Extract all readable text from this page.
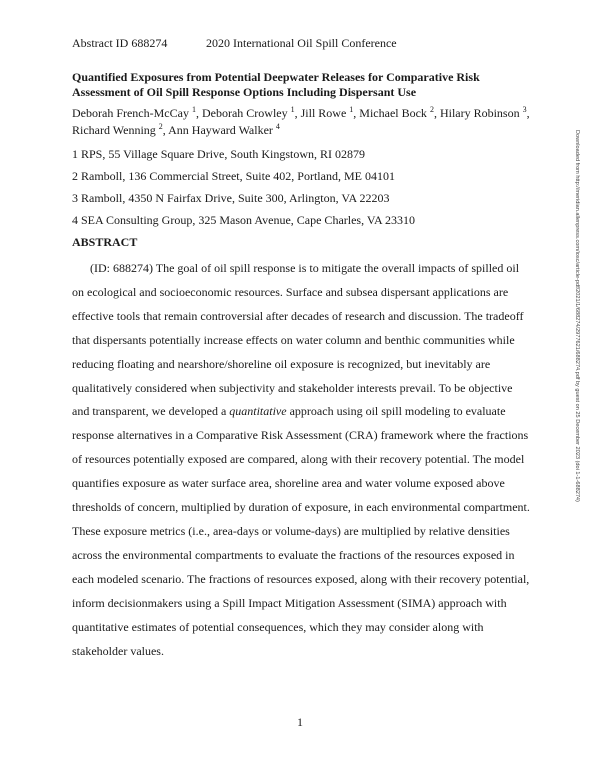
Abstract ID 688274	2020 International Oil Spill Conference
Quantified Exposures from Potential Deepwater Releases for Comparative Risk Assessment of Oil Spill Response Options Including Dispersant Use
Deborah French-McCay $^1$, Deborah Crowley $^1$, Jill Rowe $^1$, Michael Bock $^2$, Hilary Robinson $^3$, Richard Wenning $^2$, Ann Hayward Walker $^4$
1 RPS, 55 Village Square Drive, South Kingstown, RI 02879
2 Ramboll, 136 Commercial Street, Suite 402, Portland, ME 04101
3 Ramboll, 4350 N Fairfax Drive, Suite 300, Arlington, VA 22203
4 SEA Consulting Group, 325 Mason Avenue, Cape Charles, VA 23310
ABSTRACT

(ID: 688274) The goal of oil spill response is to mitigate the overall impacts of spilled oil on ecological and socioeconomic resources. Surface and subsea dispersant applications are effective tools that remain controversial after decades of research and discussion. The tradeoff that dispersants potentially increase effects on water column and benthic communities while reducing floating and nearshore/shoreline oil exposure is recognized, but inevitably are qualitatively considered when subjectivity and stakeholder interests prevail. To be objective and transparent, we developed a quantitative approach using oil spill modeling to evaluate response alternatives in a Comparative Risk Assessment (CRA) framework where the fractions of resources potentially exposed are compared, along with their recovery potential. The model quantifies exposure as water surface area, shoreline area and water volume exposed above thresholds of concern, multiplied by duration of exposure, in each environmental compartment. These exposure metrics (i.e., area-days or volume-days) are multiplied by relative densities across the environmental compartments to evaluate the fractions of the resources exposed in each modeled scenario. The fractions of resources exposed, along with their recovery potential, inform decisionmakers using a Spill Impact Mitigation Assessment (SIMA) approach with quantitative estimates of potential consequences, which they may consider along with stakeholder values.

Downloaded from http://meridian.allenpress.com/iosc/article-pdf/2021/1/688274/2977621/688274.pdf by guest on 25 December 2023 (doi 1-1-688274)
1
